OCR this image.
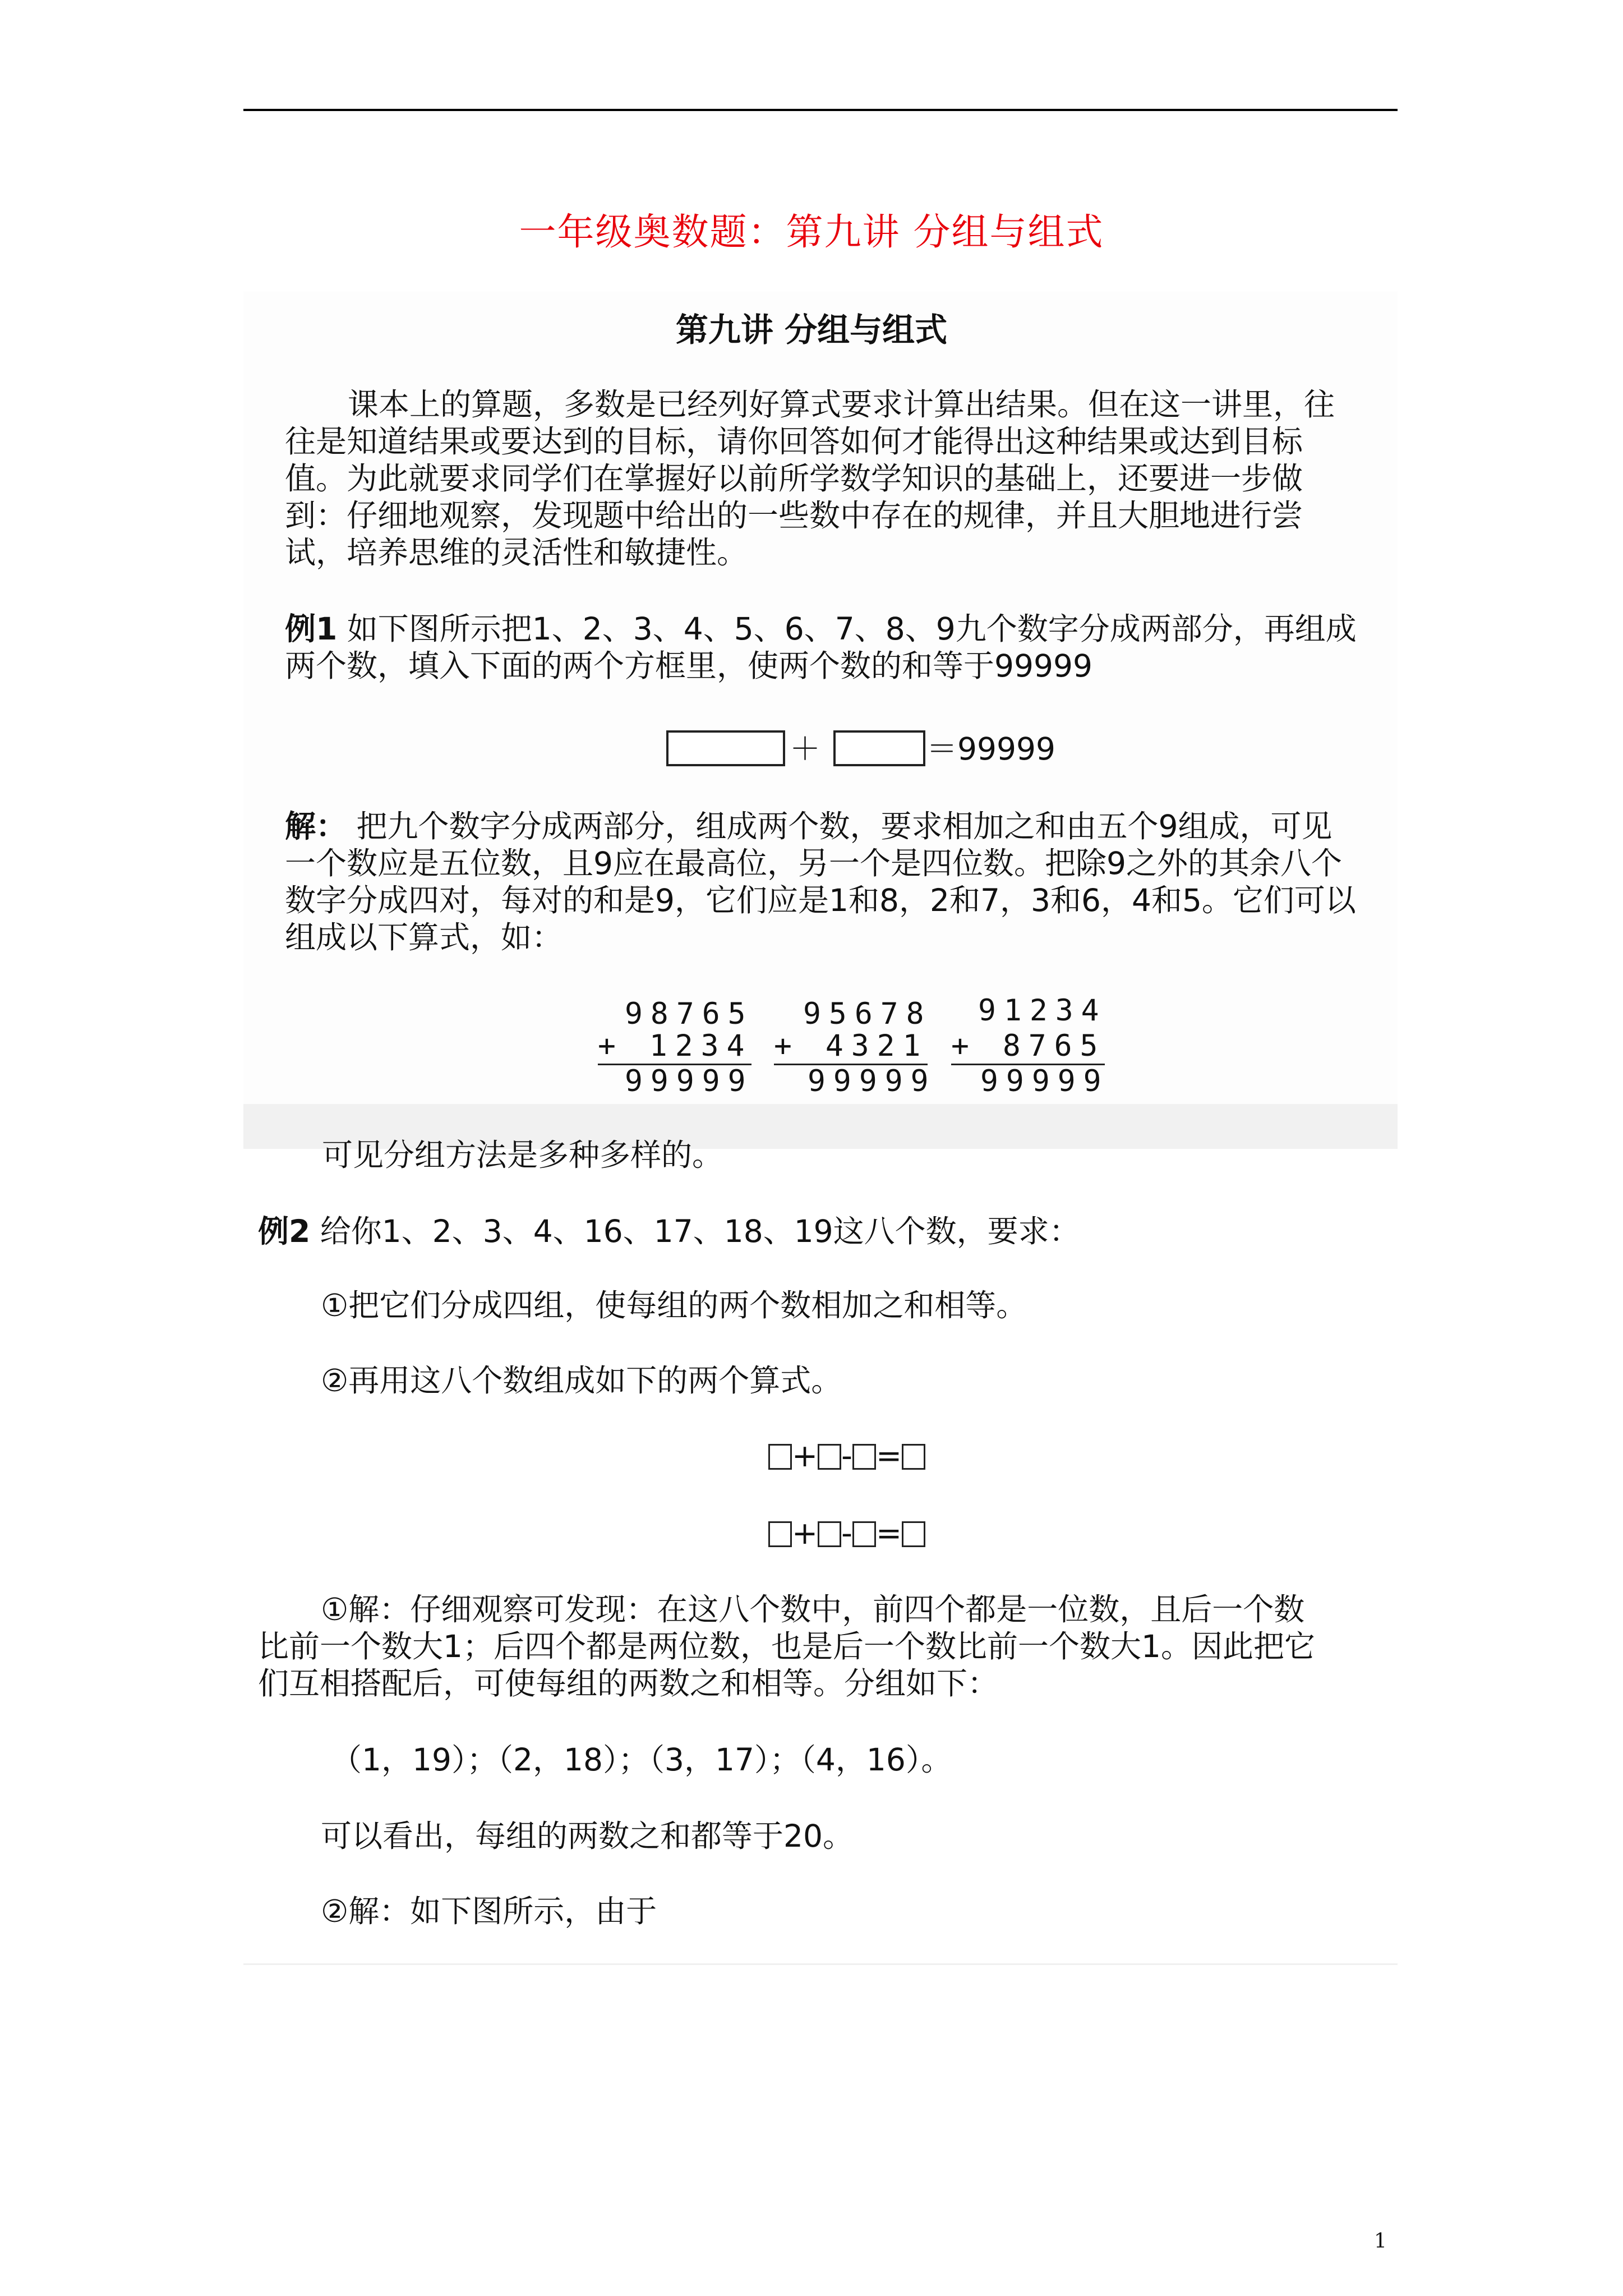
一年级奥数题：第九讲 分组与组式
第九讲 分组与组式
课本上的算题，多数是已经列好算式要求计算出结果。但在这一讲里，往
往是知道结果或要达到的目标，请你回答如何才能得出这种结果或达到目标
值。为此就要求同学们在掌握好以前所学数学知识的基础上，还要进一步做
到：仔细地观察，发现题中给出的一些数中存在的规律，并且大胆地进行尝
试，培养思维的灵活性和敏捷性。
例1 如下图所示把1、2、3、4、5、6、7、8、9九个数字分成两部分，再组成
两个数，填入下面的两个方框里，使两个数的和等于99999
＋	＝99999
解： 把九个数字分成两部分，组成两个数，要求相加之和由五个9组成，可见
一个数应是五位数，且9应在最高位，另一个是四位数。把除9之外的其余八个
数字分成四对，每对的和是9，它们应是1和8，2和7，3和6，4和5。它们可以
组成以下算式，如：
98765
+ 1234
99999
95678
+ 4321
99999
91234
+ 8765
99999
可见分组方法是多种多样的。
例2 给你1、2、3、4、16、17、18、19这八个数，要求：
①把它们分成四组，使每组的两个数相加之和相等。
②再用这八个数组成如下的两个算式。
+ - =
+ - =
①解：仔细观察可发现：在这八个数中，前四个都是一位数，且后一个数
比前一个数大1；后四个都是两位数，也是后一个数比前一个数大1。因此把它
们互相搭配后，可使每组的两数之和相等。分组如下：
（1，19）；（2，18）；（3，17）；（4，16）。
可以看出，每组的两数之和都等于20。
②解：如下图所示，由于
1
